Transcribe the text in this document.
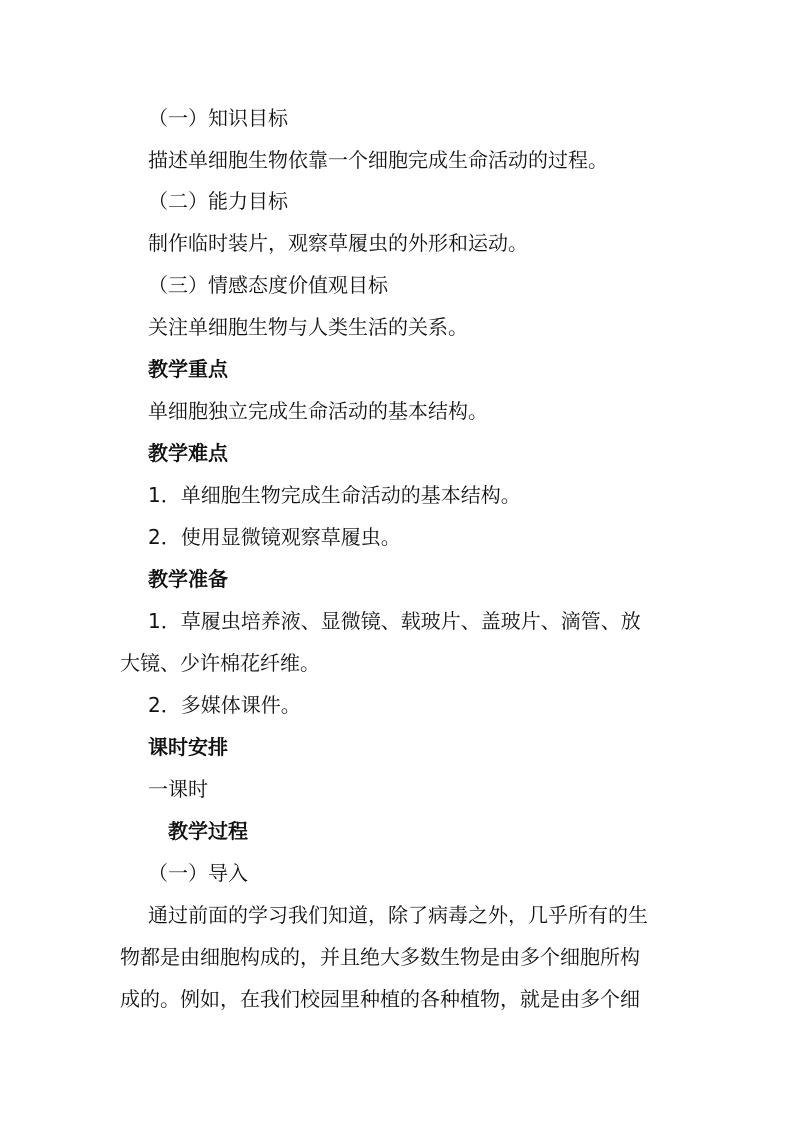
（一）知识目标
描述单细胞生物依靠一个细胞完成生命活动的过程。
（二）能力目标
制作临时装片，观察草履虫的外形和运动。
（三）情感态度价值观目标
关注单细胞生物与人类生活的关系。
教学重点
单细胞独立完成生命活动的基本结构。
教学难点
1．单细胞生物完成生命活动的基本结构。
2．使用显微镜观察草履虫。
教学准备
1．草履虫培养液、显微镜、载玻片、盖玻片、滴管、放
大镜、少许棉花纤维。
2．多媒体课件。
课时安排
一课时
教学过程
（一）导入
通过前面的学习我们知道，除了病毒之外，几乎所有的生
物都是由细胞构成的，并且绝大多数生物是由多个细胞所构
成的。例如，在我们校园里种植的各种植物，就是由多个细
